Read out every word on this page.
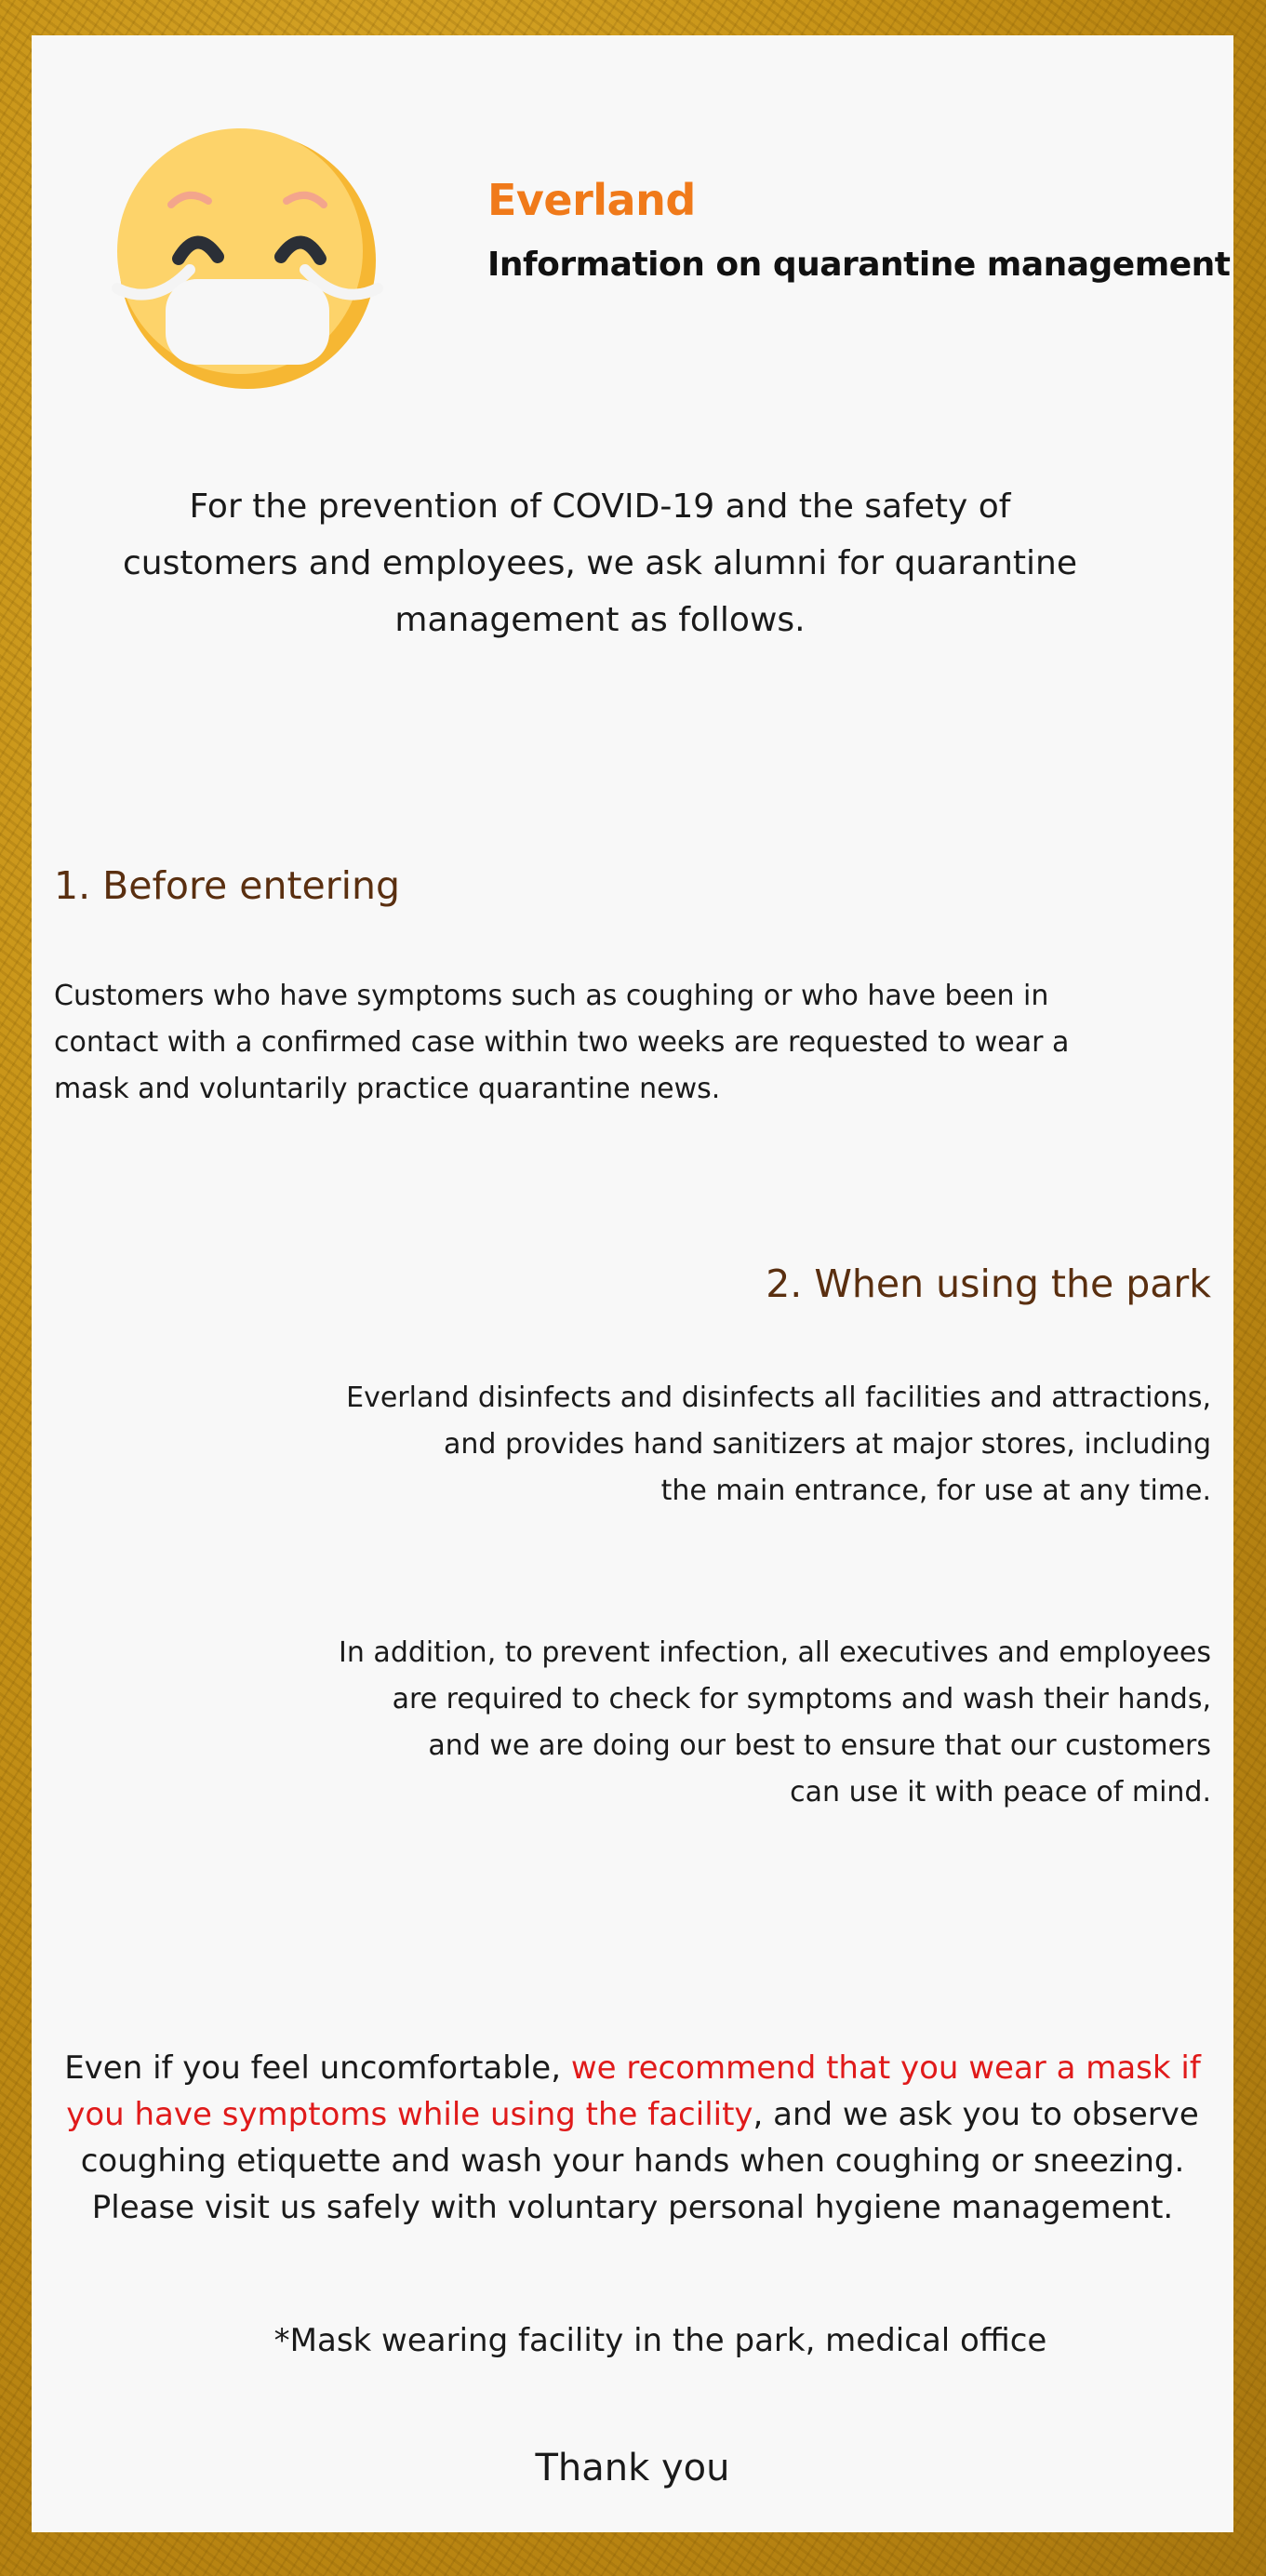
Everland
Information on quarantine management
For the prevention of COVID-19 and the safety of
customers and employees, we ask alumni for quarantine
management as follows.
1. Before entering
Customers who have symptoms such as coughing or who have been in
contact with a confirmed case within two weeks are requested to wear a
mask and voluntarily practice quarantine news.
2. When using the park
Everland disinfects and disinfects all facilities and attractions,
and provides hand sanitizers at major stores, including
the main entrance, for use at any time.
In addition, to prevent infection, all executives and employees
are required to check for symptoms and wash their hands,
and we are doing our best to ensure that our customers
can use it with peace of mind.
Even if you feel uncomfortable, we recommend that you wear a mask if
you have symptoms while using the facility, and we ask you to observe
coughing etiquette and wash your hands when coughing or sneezing.
Please visit us safely with voluntary personal hygiene management.
*Mask wearing facility in the park, medical office
Thank you
